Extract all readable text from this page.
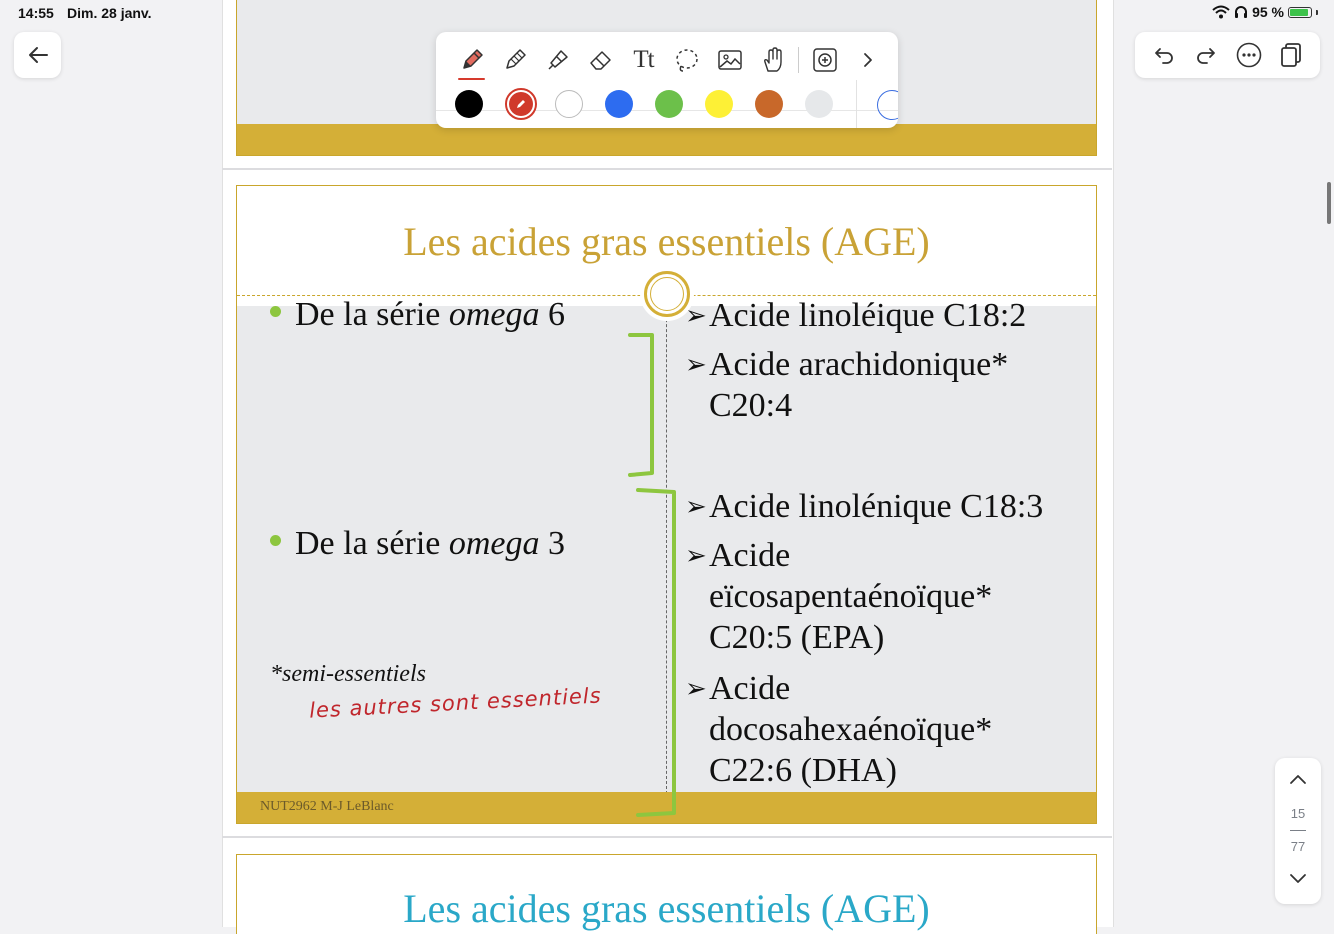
14:55 Dim. 28 janv.	95 %
Les acides gras essentiels (AGE)
De la série
omega
6
De la série
omega
3
➢ Acide linoléique C18:2
➢ Acide arachidonique*
C20:4
➢ Acide linolénique C18:3
➢ Acide
eïcosapentaénoïque*
C20:5 (EPA)
➢ Acide
docosahexaénoïque*
C22:6 (DHA)
*semi-essentiels
les autres sont essentiels
NUT2962 M-J LeBlanc
Les acides gras essentiels (AGE)
Tt
15
77
